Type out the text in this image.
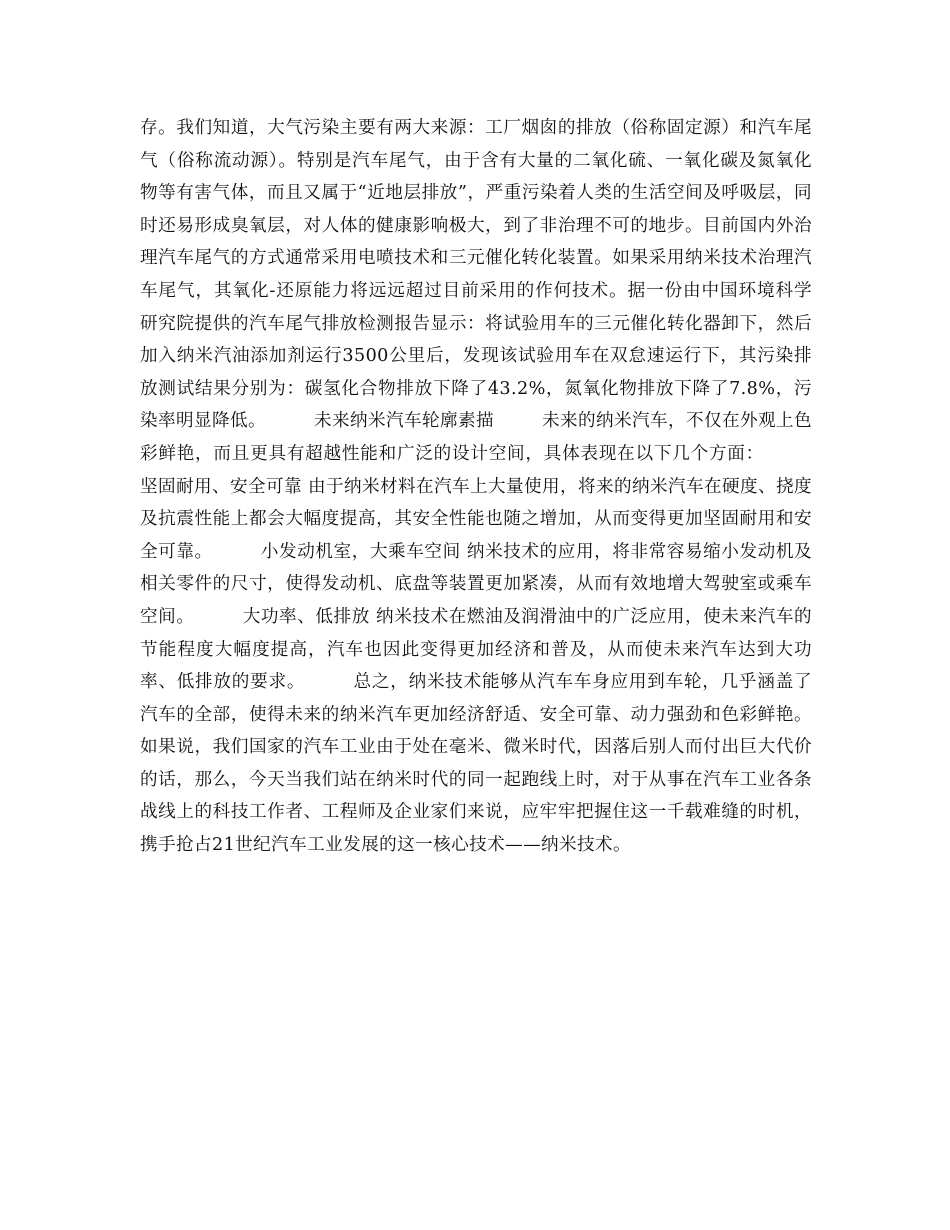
存。我们知道，大气污染主要有两大来源：工厂烟囱的排放（俗称固定源）和汽车尾气（俗称流动源）。特别是汽车尾气，由于含有大量的二氧化硫、一氧化碳及氮氧化物等有害气体，而且又属于“近地层排放”，严重污染着人类的生活空间及呼吸层，同时还易形成臭氧层，对人体的健康影响极大，到了非治理不可的地步。目前国内外治理汽车尾气的方式通常采用电喷技术和三元催化转化装置。如果采用纳米技术治理汽车尾气，其氧化-还原能力将远远超过目前采用的作何技术。据一份由中国环境科学研究院提供的汽车尾气排放检测报告显示：将试验用车的三元催化转化器卸下，然后加入纳米汽油添加剂运行3500公里后，发现该试验用车在双怠速运行下，其污染排放测试结果分别为：碳氢化合物排放下降了43.2%，氮氧化物排放下降了7.8%，污染率明显降低。	未来纳米汽车轮廓素描	未来的纳米汽车，不仅在外观上色彩鲜艳，而且更具有超越性能和广泛的设计空间，具体表现在以下几个方面：坚固耐用、安全可靠 由于纳米材料在汽车上大量使用，将来的纳米汽车在硬度、挠度及抗震性能上都会大幅度提高，其安全性能也随之增加，从而变得更加坚固耐用和安全可靠。	小发动机室，大乘车空间 纳米技术的应用，将非常容易缩小发动机及相关零件的尺寸，使得发动机、底盘等装置更加紧凑，从而有效地增大驾驶室或乘车空间。	大功率、低排放 纳米技术在燃油及润滑油中的广泛应用，使未来汽车的节能程度大幅度提高，汽车也因此变得更加经济和普及，从而使未来汽车达到大功率、低排放的要求。	总之，纳米技术能够从汽车车身应用到车轮，几乎涵盖了汽车的全部，使得未来的纳米汽车更加经济舒适、安全可靠、动力强劲和色彩鲜艳。如果说，我们国家的汽车工业由于处在毫米、微米时代，因落后别人而付出巨大代价的话，那么，今天当我们站在纳米时代的同一起跑线上时，对于从事在汽车工业各条战线上的科技工作者、工程师及企业家们来说，应牢牢把握住这一千载难缝的时机，携手抢占21世纪汽车工业发展的这一核心技术——纳米技术。
